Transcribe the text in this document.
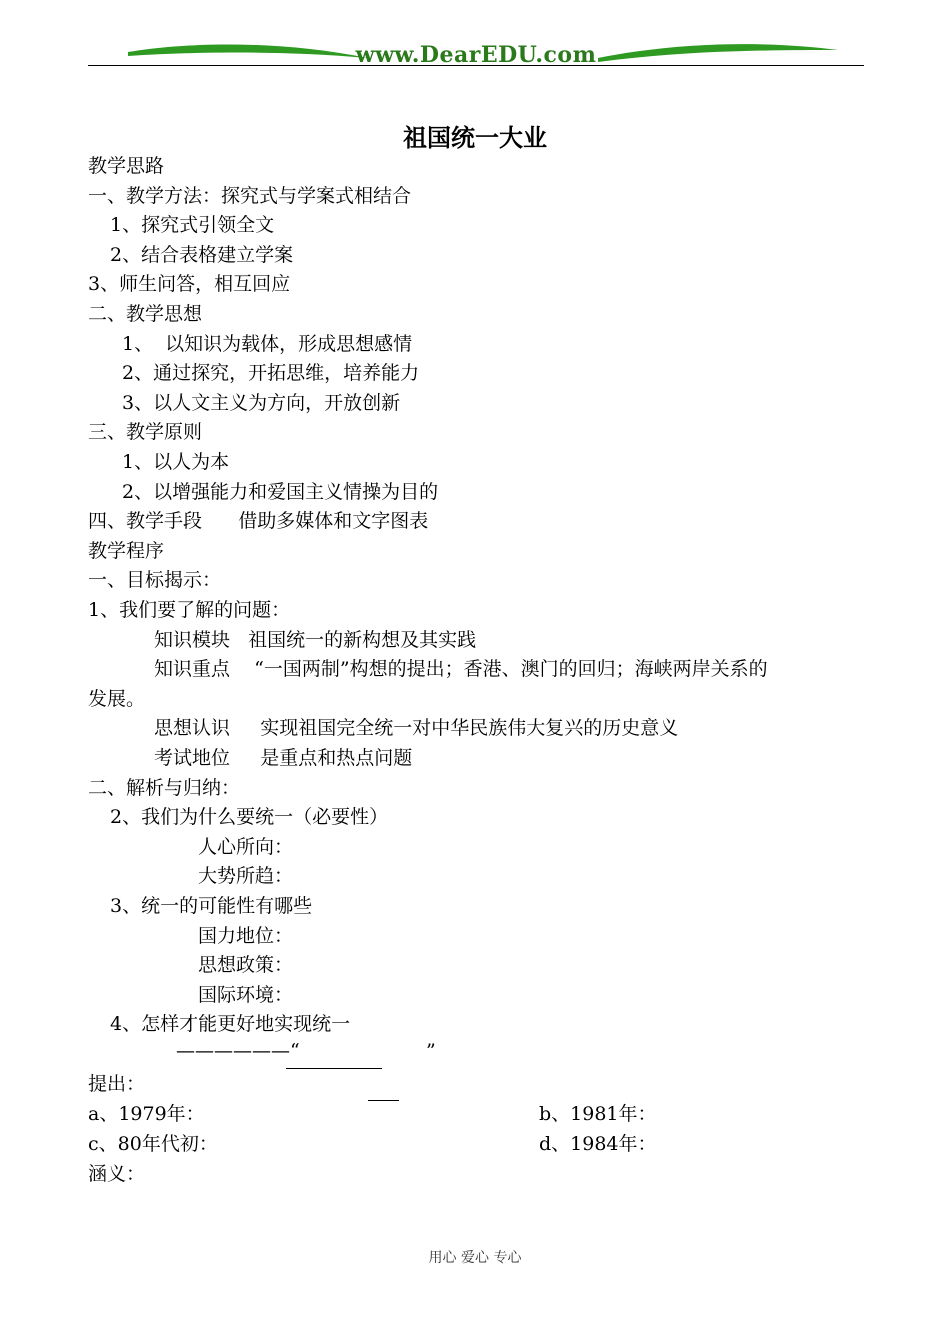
www.DearEDU.com
祖国统一大业
教学思路
一、教学方法：探究式与学案式相结合
1、探究式引领全文
2、结合表格建立学案
3、师生问答，相互回应
二、教学思想
1、  以知识为载体，形成思想感情
2、通过探究，开拓思维，培养能力
3、以人文主义为方向，开放创新
三、教学原则
1、以人为本
2、以增强能力和爱国主义情操为目的
四、教学手段      借助多媒体和文字图表
教学程序
一、目标揭示：
1、我们要了解的问题：
知识模块   祖国统一的新构想及其实践
知识重点    “一国两制”构想的提出；香港、澳门的回归；海峡两岸关系的
发展。
思想认识     实现祖国完全统一对中华民族伟大复兴的历史意义
考试地位     是重点和热点问题
二、解析与归纳：
2、我们为什么要统一（必要性）
人心所向：
大势所趋：
3、统一的可能性有哪些
国力地位：
思想政策：
国际环境：
4、怎样才能更好地实现统一
——————“	”
提出：
a、1979年：	b、1981年：
c、80年代初：	d、1984年：
涵义：
用心 爱心 专心
